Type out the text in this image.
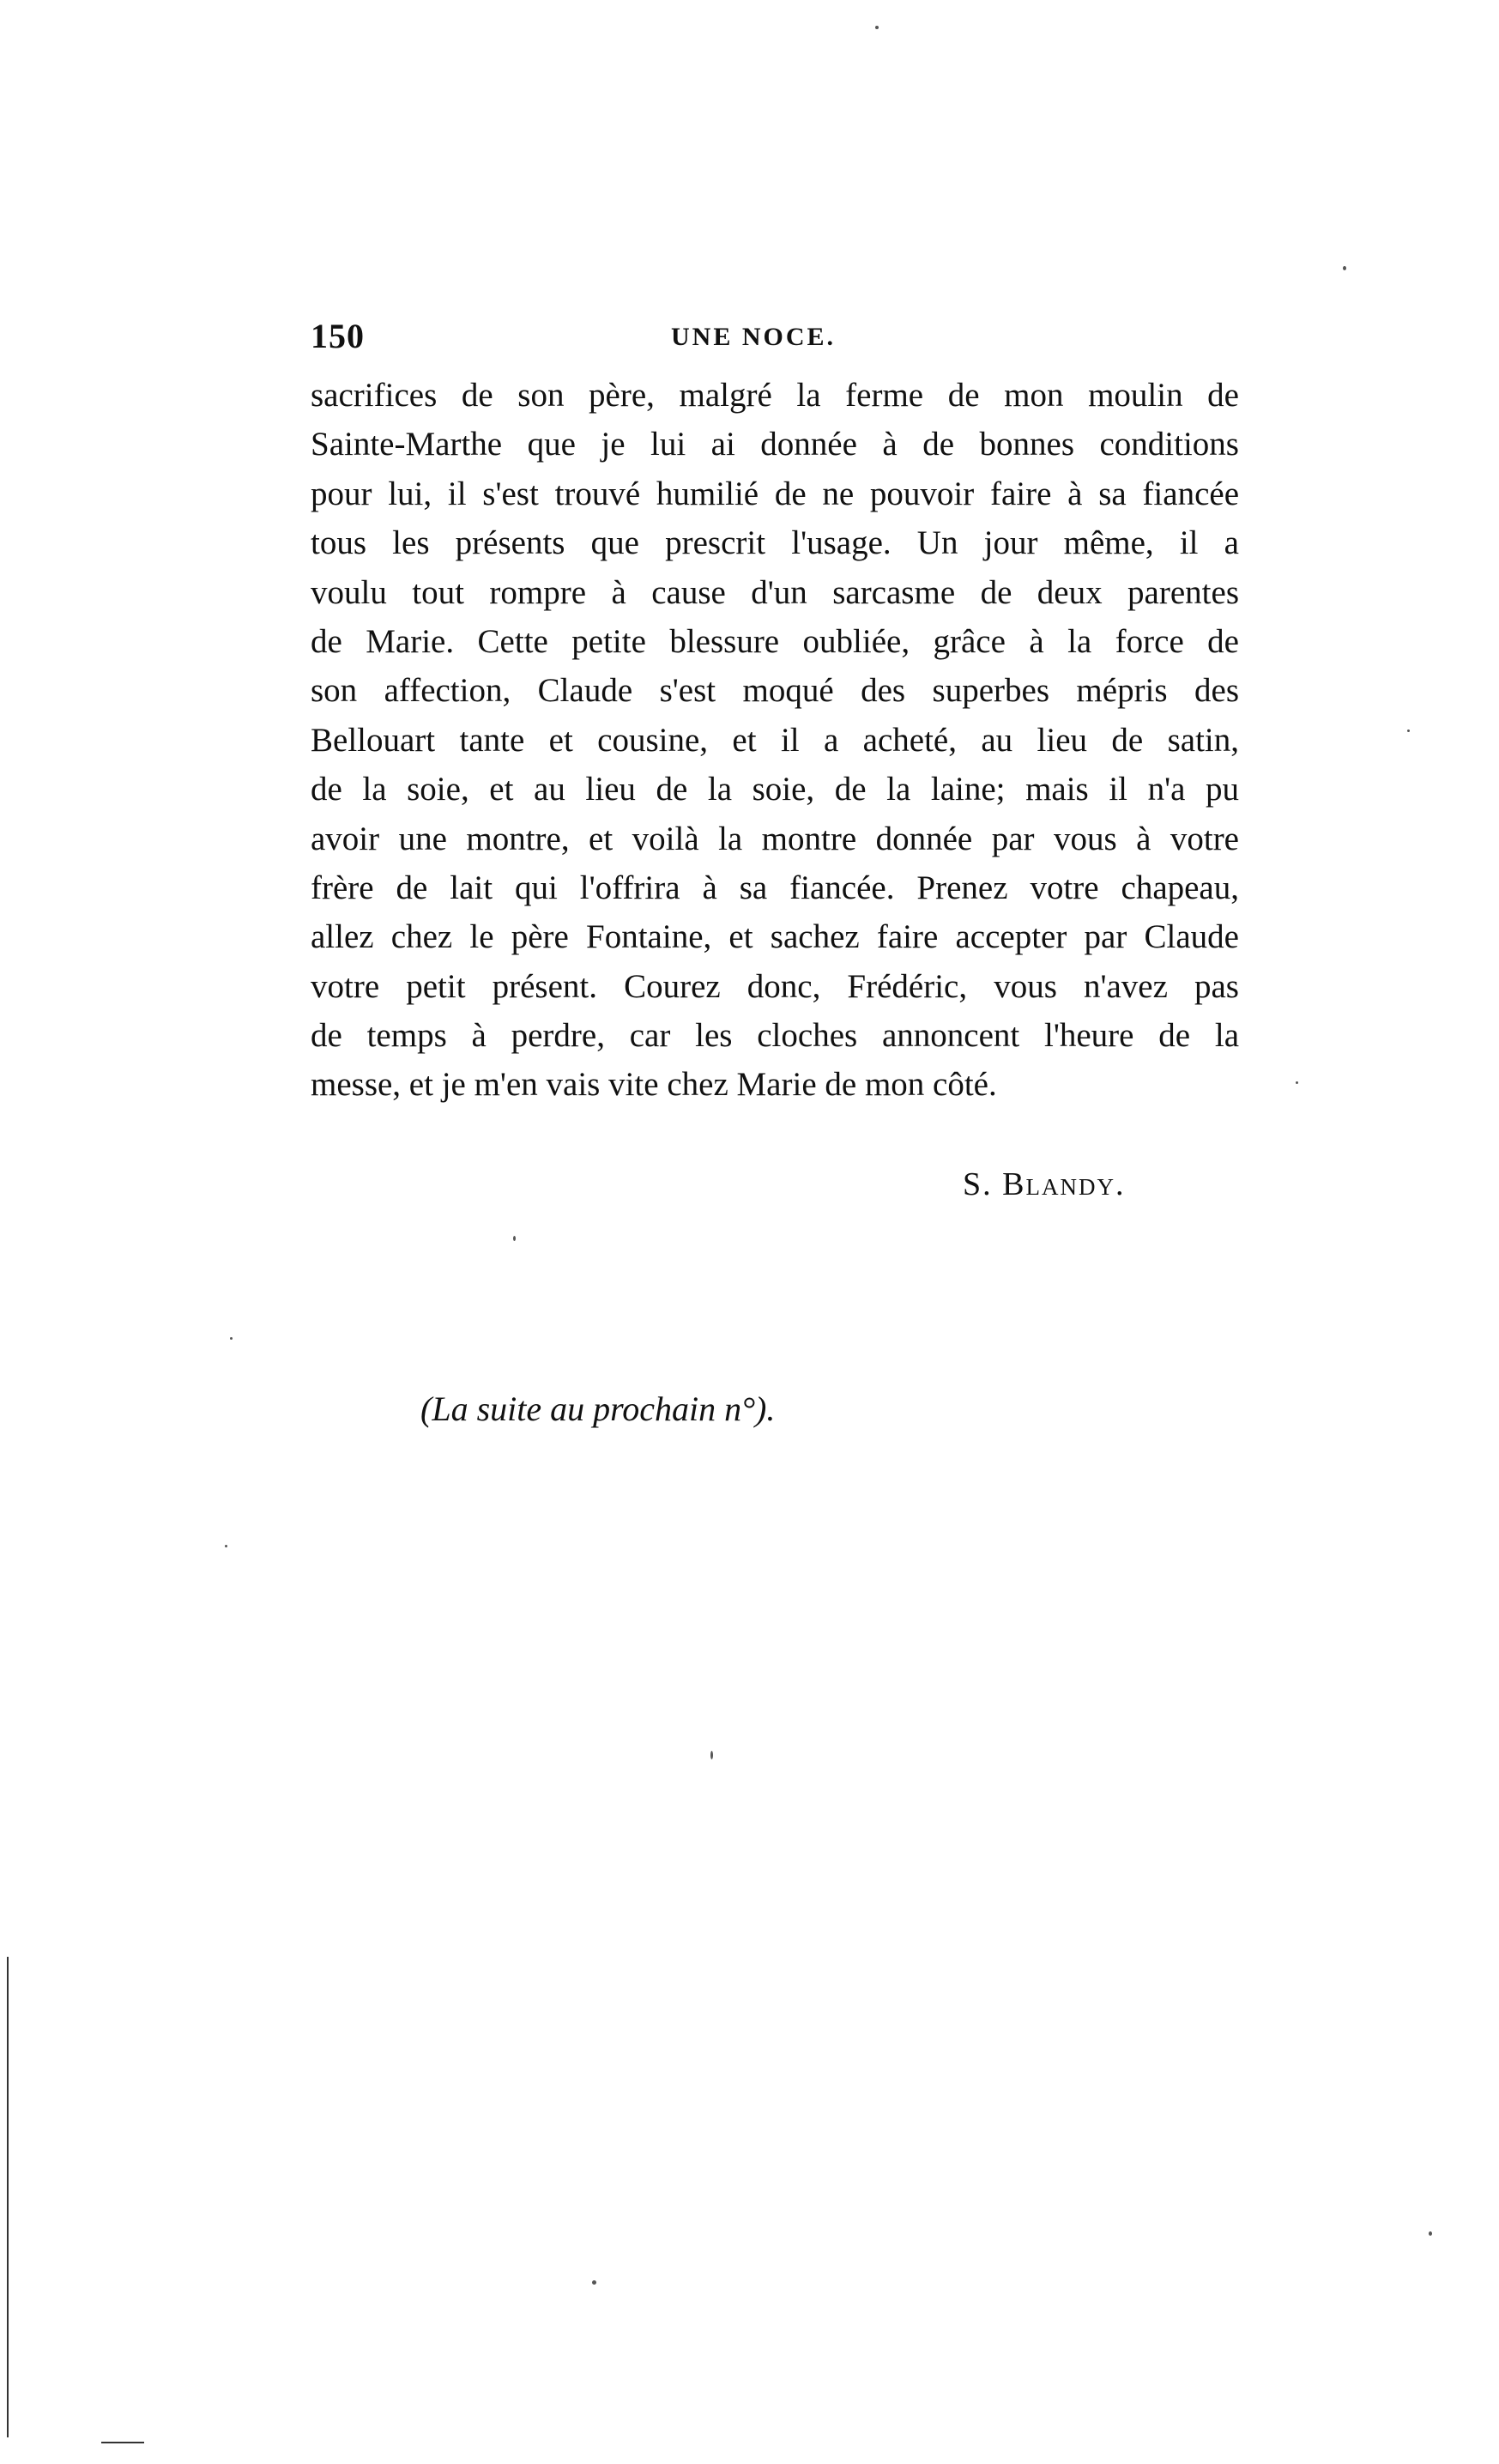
150	UNE NOCE.
sacrifices de son père, malgré la ferme de mon moulin de
Sainte-Marthe que je lui ai donnée à de bonnes conditions
pour lui, il s'est trouvé humilié de ne pouvoir faire à sa fiancée
tous les présents que prescrit l'usage. Un jour même, il a
voulu tout rompre à cause d'un sarcasme de deux parentes
de Marie. Cette petite blessure oubliée, grâce à la force de
son affection, Claude s'est moqué des superbes mépris des
Bellouart tante et cousine, et il a acheté, au lieu de satin,
de la soie, et au lieu de la soie, de la laine; mais il n'a pu
avoir une montre, et voilà la montre donnée par vous à votre
frère de lait qui l'offrira à sa fiancée. Prenez votre chapeau,
allez chez le père Fontaine, et sachez faire accepter par Claude
votre petit présent. Courez donc, Frédéric, vous n'avez pas
de temps à perdre, car les cloches annoncent l'heure de la
messe, et je m'en vais vite chez Marie de mon côté.
S. Blandy.
(La suite au prochain n°).
